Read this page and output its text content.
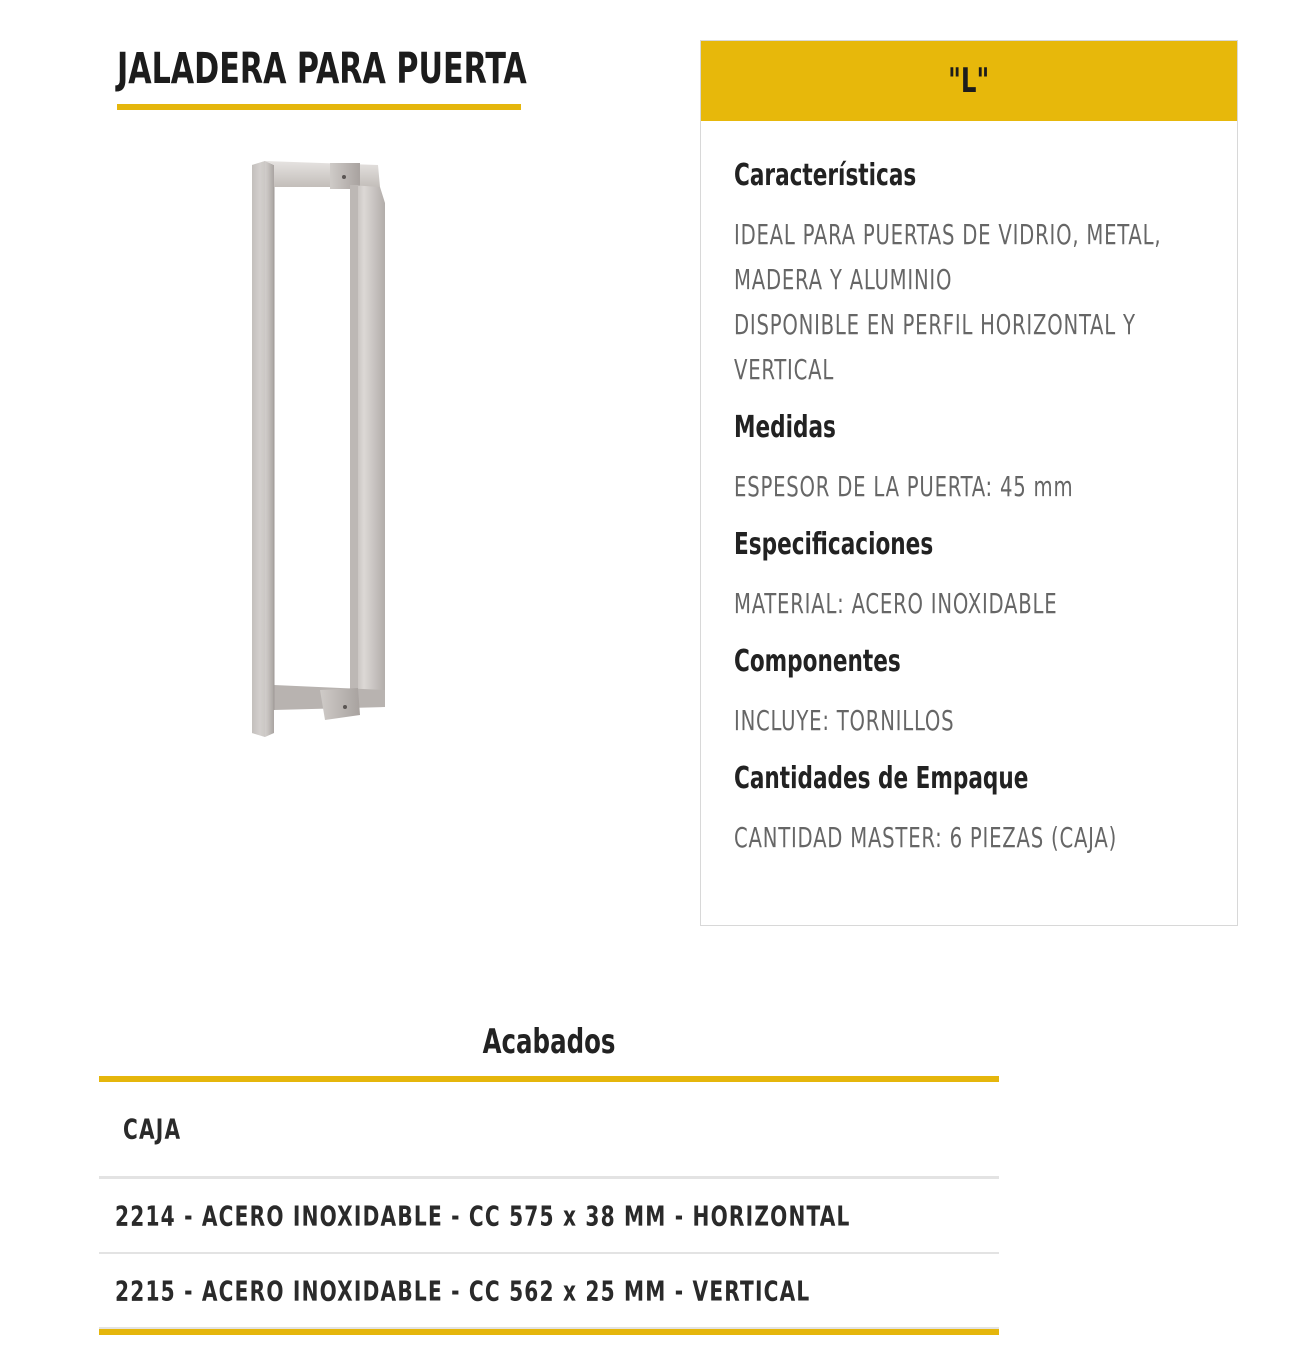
JALADERA PARA PUERTA	"L"

Características

IDEAL PARA PUERTAS DE VIDRIO, METAL,

MADERA Y ALUMINIO

DISPONIBLE EN PERFIL HORIZONTAL Y

VERTICAL

Medidas

ESPESOR DE LA PUERTA: 45 mm

Especificaciones

MATERIAL: ACERO INOXIDABLE

Componentes

INCLUYE: TORNILLOS

Cantidades de Empaque

CANTIDAD MASTER: 6 PIEZAS (CAJA)

Acabados
CAJA
2214 - ACERO INOXIDABLE - CC 575 x 38 MM - HORIZONTAL
2215 - ACERO INOXIDABLE - CC 562 x 25 MM - VERTICAL
